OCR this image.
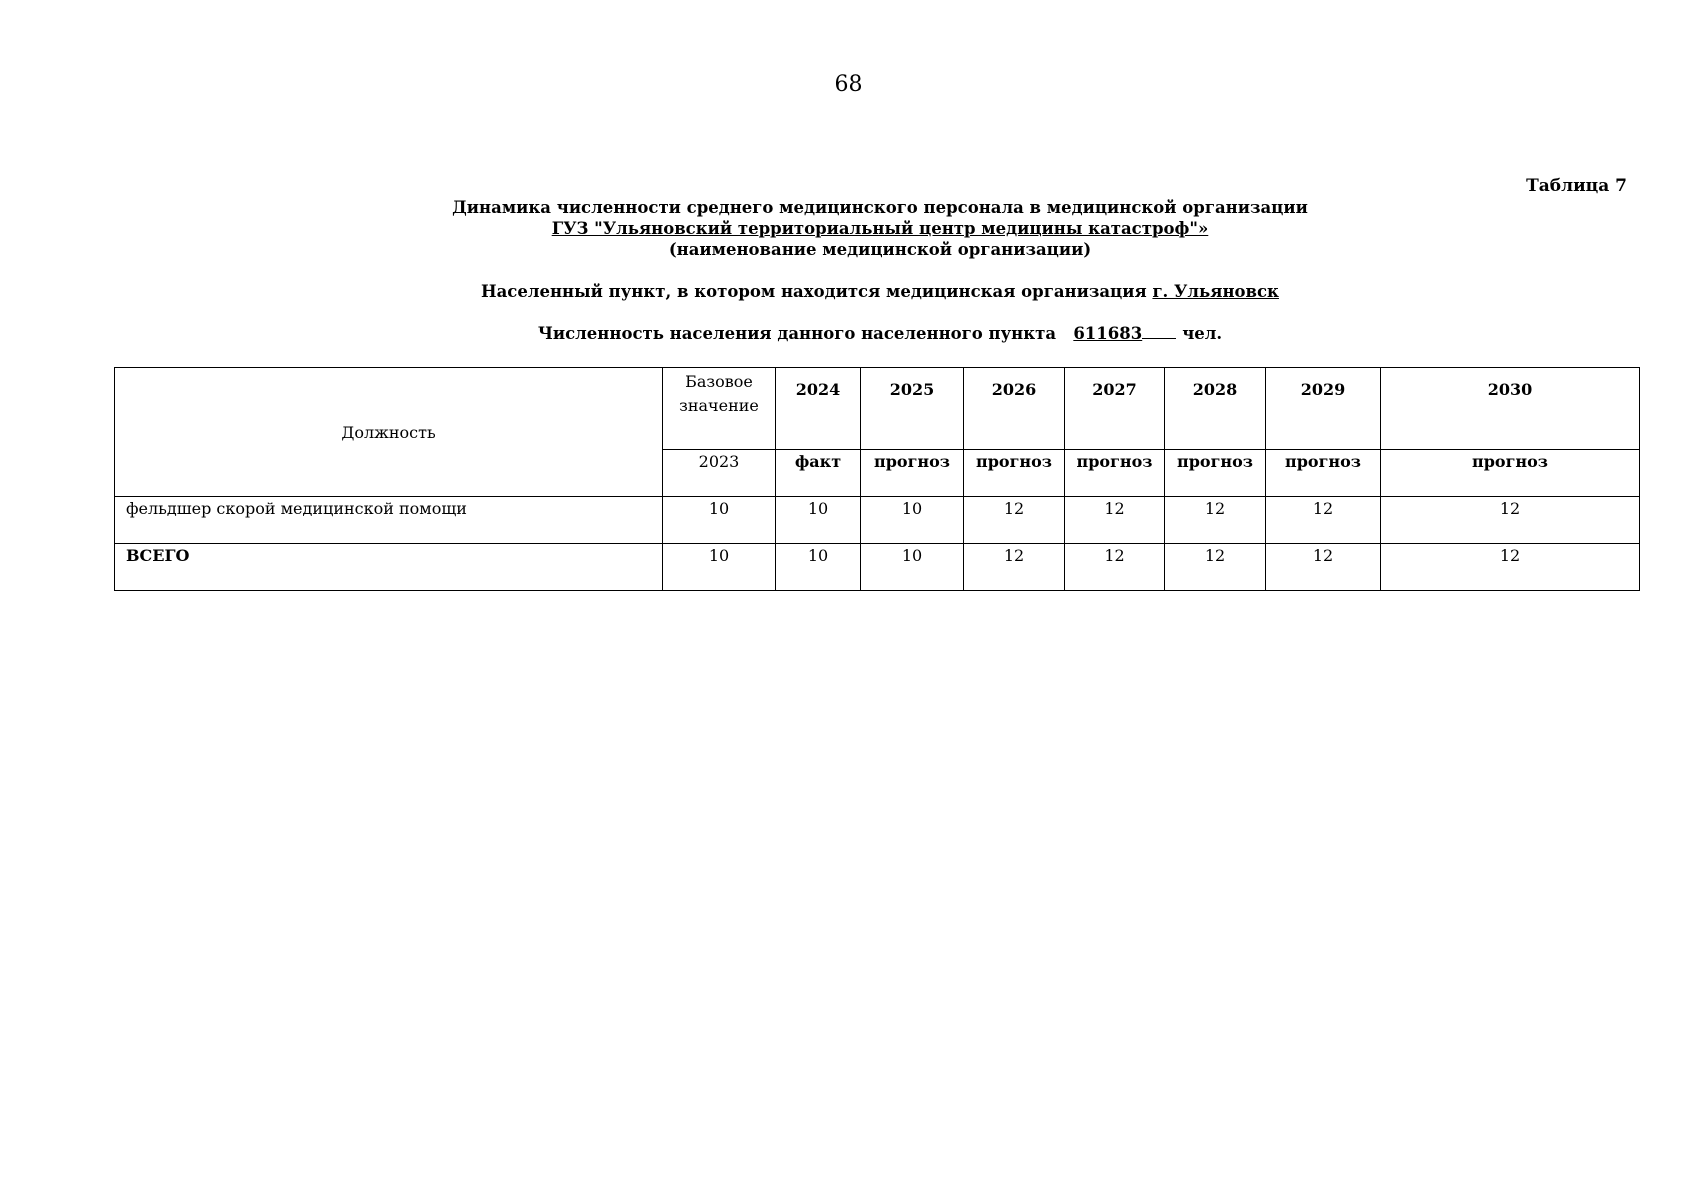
68
Таблица 7
Динамика численности среднего медицинского персонала в медицинской организации
ГУЗ "Ульяновский территориальный центр медицины катастроф"»
(наименование медицинской организации)
Населенный пункт, в котором находится медицинская организация г. Ульяновск
Численность населения данного населенного пункта 611683 чел.
Должность	Базовое значение	2024	2025	2026	2027	2028	2029	2030
	2023	факт	прогноз	прогноз	прогноз	прогноз	прогноз	прогноз
фельдшер скорой медицинской помощи	10	10	10	12	12	12	12	12
ВСЕГО	10	10	10	12	12	12	12	12
